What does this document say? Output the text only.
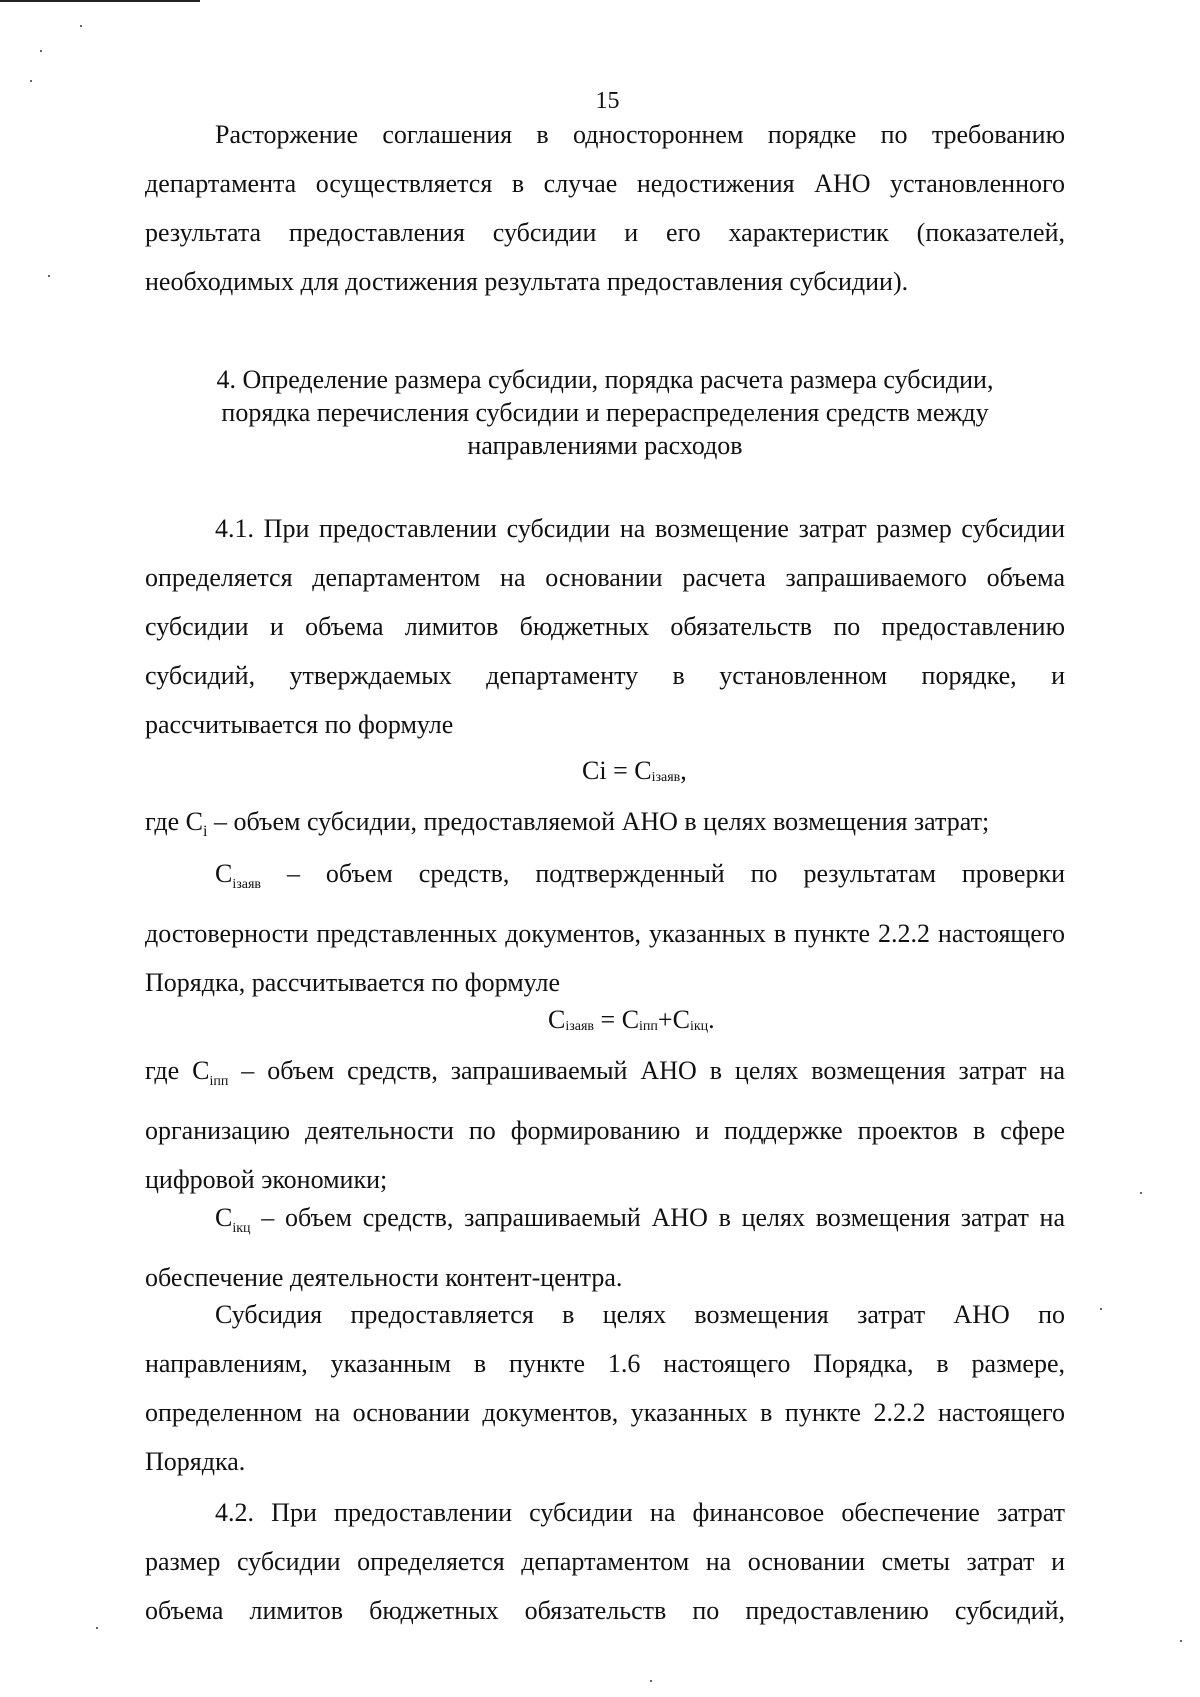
15

Расторжение соглашения в одностороннем порядке по требованию департамента осуществляется в случае недостижения АНО установленного результата предоставления субсидии и его характеристик (показателей, необходимых для достижения результата предоставления субсидии).

4. Определение размера субсидии, порядка расчета размера субсидии,
порядка перечисления субсидии и перераспределения средств между
направлениями расходов

4.1. При предоставлении субсидии на возмещение затрат размер субсидии определяется департаментом на основании расчета запрашиваемого объема субсидии и объема лимитов бюджетных обязательств по предоставлению субсидий, утверждаемых департаменту в установленном порядке, и рассчитывается по формуле

$Ci = C_{iзаяв}$,

где $C_i$ – объем субсидии, предоставляемой АНО в целях возмещения затрат;

$C_{iзаяв}$ – объем средств, подтвержденный по результатам проверки достоверности представленных документов, указанных в пункте 2.2.2 настоящего Порядка, рассчитывается по формуле

$C_{iзаяв} = C_{iпп}+C_{iкц}$.

где $C_{iпп}$ – объем средств, запрашиваемый АНО в целях возмещения затрат на организацию деятельности по формированию и поддержке проектов в сфере цифровой экономики;

$C_{iкц}$ – объем средств, запрашиваемый АНО в целях возмещения затрат на обеспечение деятельности контент-центра.

Субсидия предоставляется в целях возмещения затрат АНО по направлениям, указанным в пункте 1.6 настоящего Порядка, в размере, определенном на основании документов, указанных в пункте 2.2.2 настоящего Порядка.

4.2. При предоставлении субсидии на финансовое обеспечение затрат размер субсидии определяется департаментом на основании сметы затрат и объема лимитов бюджетных обязательств по предоставлению субсидий,
